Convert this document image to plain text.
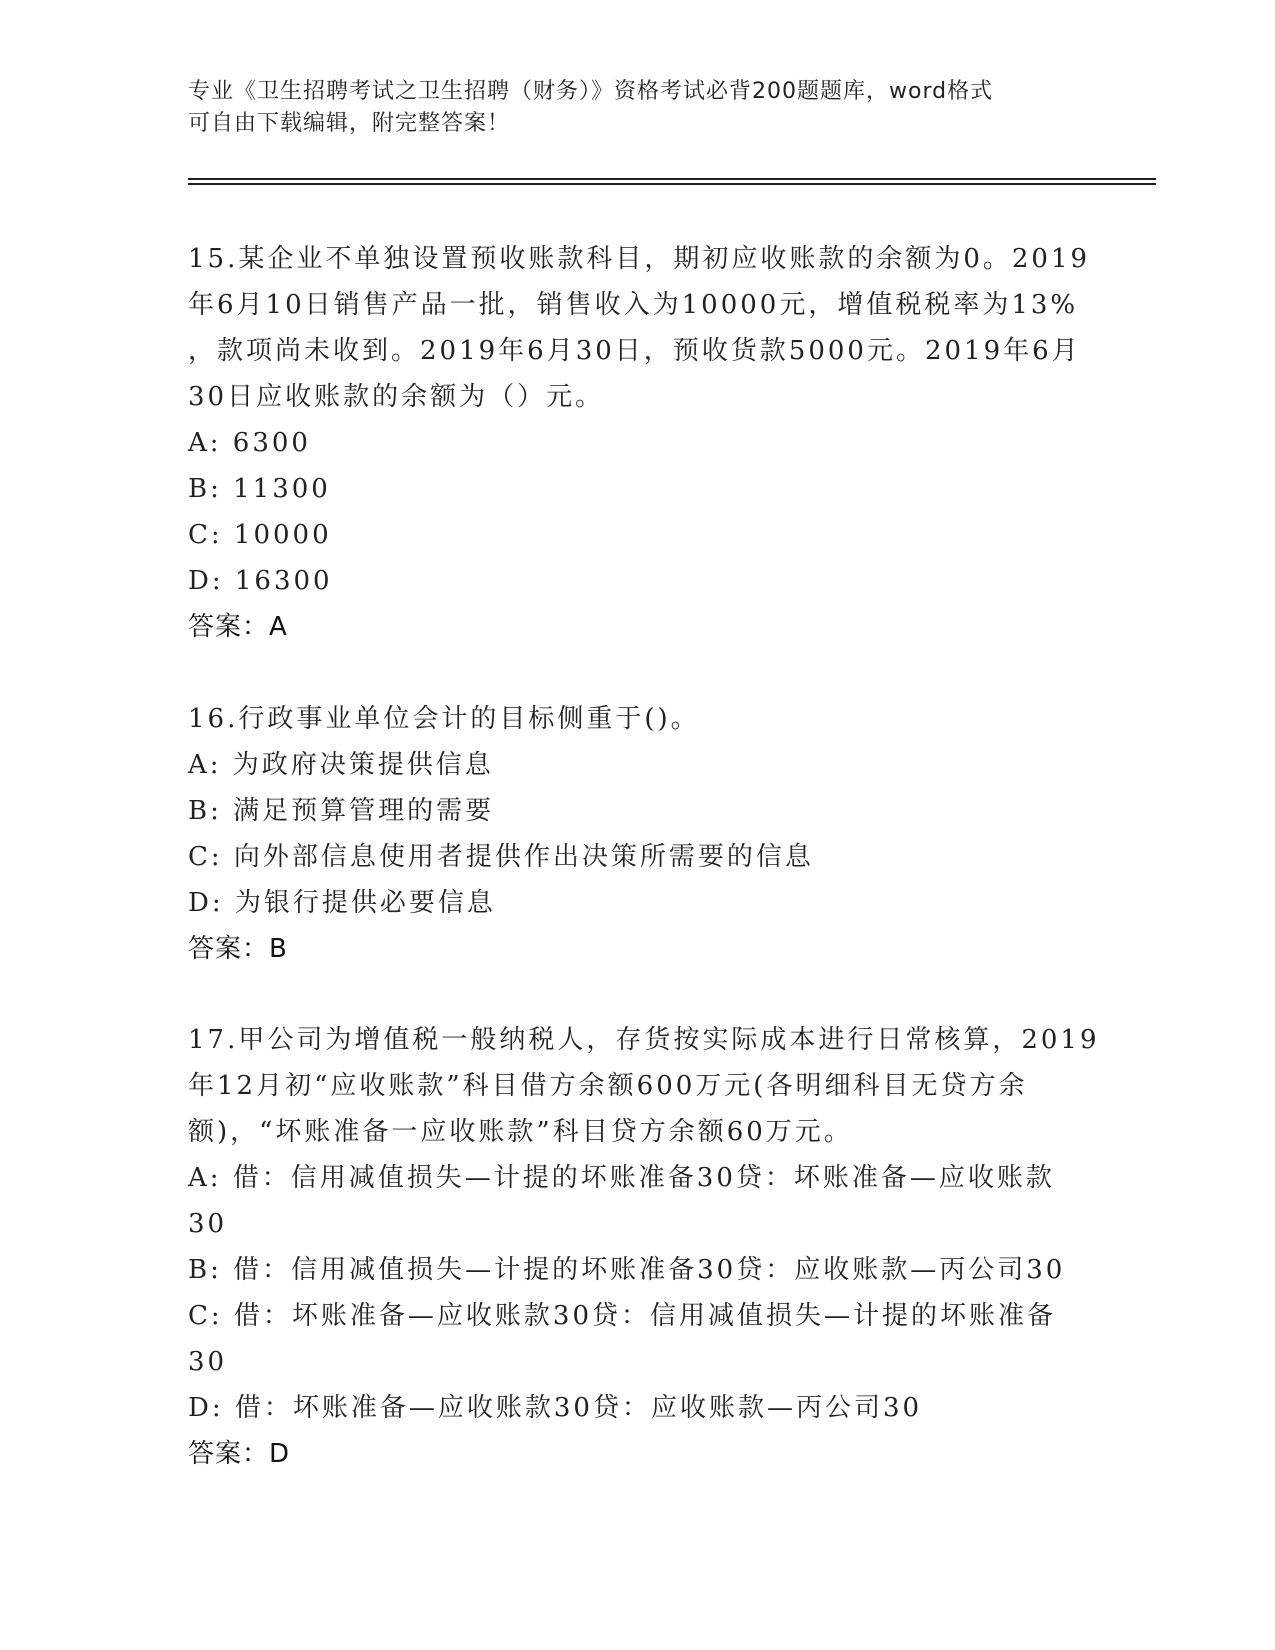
专业《卫生招聘考试之卫生招聘（财务）》资格考试必背200题题库，word格式
可自由下载编辑，附完整答案！
15.某企业不单独设置预收账款科目，期初应收账款的余额为0。2019
年6月10日销售产品一批，销售收入为10000元，增值税税率为13%
，款项尚未收到。2019年6月30日，预收货款5000元。2019年6月
30日应收账款的余额为（）元。
A: 6300
B: 11300
C: 10000
D: 16300
答案：A
16.行政事业单位会计的目标侧重于()。
A: 为政府决策提供信息
B: 满足预算管理的需要
C: 向外部信息使用者提供作出决策所需要的信息
D: 为银行提供必要信息
答案：B
17.甲公司为增值税一般纳税人，存货按实际成本进行日常核算，2019
年12月初“应收账款”科目借方余额600万元(各明细科目无贷方余
额)，“坏账准备一应收账款”科目贷方余额60万元。
A: 借：信用减值损失—计提的坏账准备30贷：坏账准备—应收账款
30
B: 借：信用减值损失—计提的坏账准备30贷：应收账款—丙公司30
C: 借：坏账准备—应收账款30贷：信用减值损失—计提的坏账准备
30
D: 借：坏账准备—应收账款30贷：应收账款—丙公司30
答案：D
